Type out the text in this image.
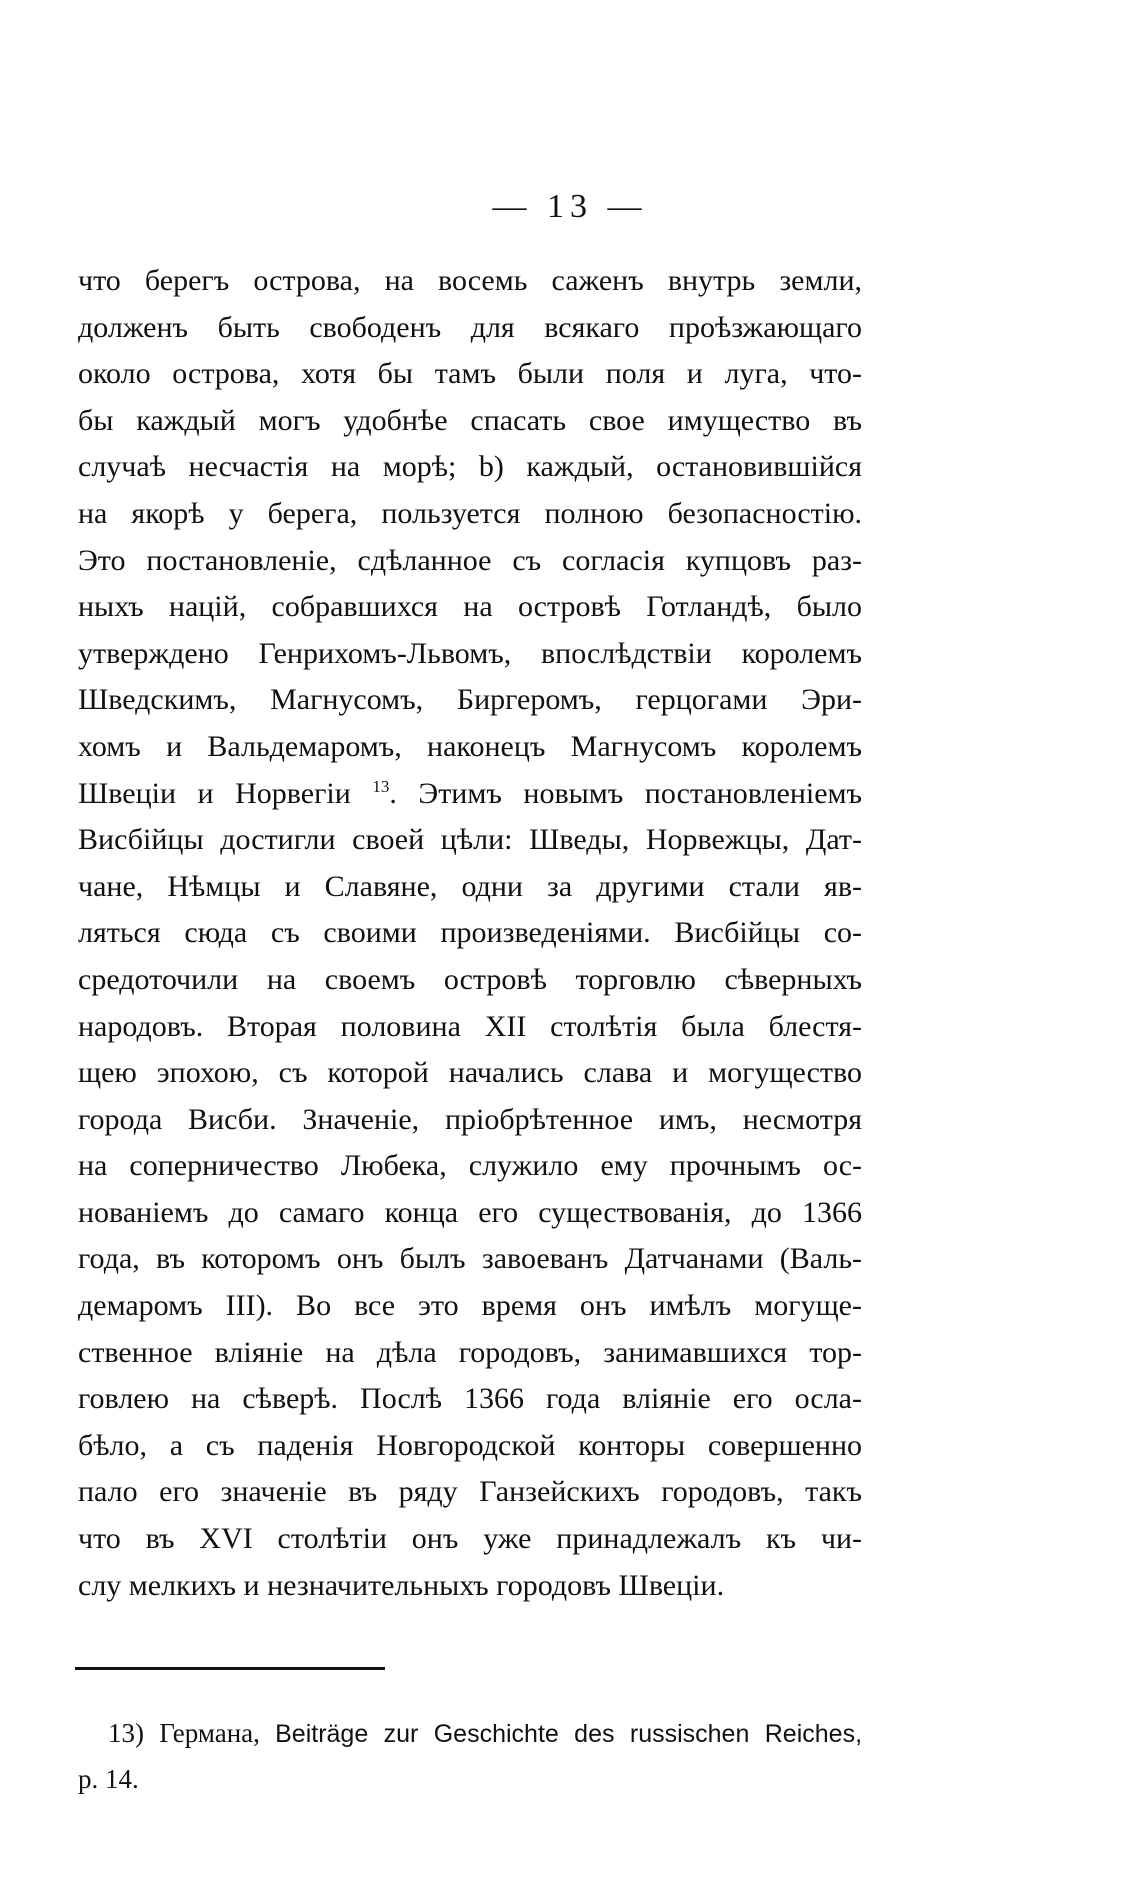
— 13 —
что берегъ острова, на восемь саженъ внутрь земли,
долженъ быть свободенъ для всякаго проѣзжающаго
около острова, хотя бы тамъ были поля и луга, что-
бы каждый могъ удобнѣе спасать свое имущество въ
случаѣ несчастія на морѣ; b) каждый, остановившійся
на якорѣ у берега, пользуется полною безопасностію.
Это постановленіе, сдѣланное съ согласія купцовъ раз-
ныхъ націй, собравшихся на островѣ Готландѣ, было
утверждено Генрихомъ-Львомъ, впослѣдствіи королемъ
Шведскимъ, Магнусомъ, Биргеромъ, герцогами Эри-
хомъ и Вальдемаромъ, наконецъ Магнусомъ королемъ
Швеціи и Норвегіи $^{13}$. Этимъ новымъ постановленіемъ
Висбійцы достигли своей цѣли: Шведы, Норвежцы, Дат-
чане, Нѣмцы и Славяне, одни за другими стали яв-
ляться сюда съ своими произведеніями. Висбійцы со-
средоточили на своемъ островѣ торговлю сѣверныхъ
народовъ. Вторая половина XII столѣтія была блестя-
щею эпохою, съ которой начались слава и могущество
города Висби. Значеніе, пріобрѣтенное имъ, несмотря
на соперничество Любека, служило ему прочнымъ ос-
нованіемъ до самаго конца его существованія, до 1366
года, въ которомъ онъ былъ завоеванъ Датчанами (Валь-
демаромъ III). Во все это время онъ имѣлъ могуще-
ственное вліяніе на дѣла городовъ, занимавшихся тор-
говлею на сѣверѣ. Послѣ 1366 года вліяніе его осла-
бѣло, а съ паденія Новгородской конторы совершенно
пало его значеніе въ ряду Ганзейскихъ городовъ, такъ
что въ XVI столѣтіи онъ уже принадлежалъ къ чи-
слу мелкихъ и незначительныхъ городовъ Швеціи.
13) Германа, Beiträge zur Geschichte des russischen Reiches,
p. 14.
